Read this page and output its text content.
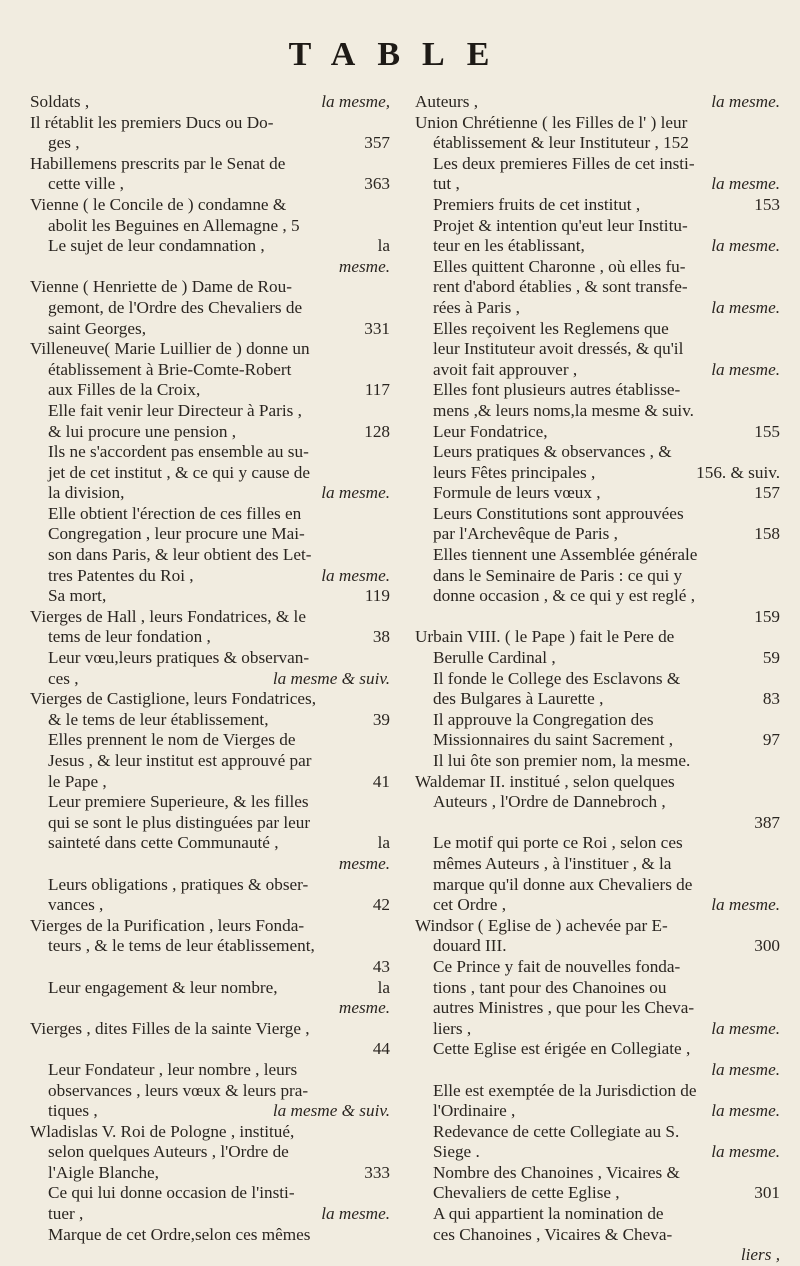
TABLE
la mesme,
Soldats ,
Il rétablit les premiers Ducs ou Do-
357
ges ,
Habillemens prescrits par le Senat de
363
cette ville ,
Vienne ( le Concile de ) condamne &
abolit les Beguines en Allemagne , 5
la
Le sujet de leur condamnation ,
mesme.
Vienne ( Henriette de ) Dame de Rou-
gemont, de l'Ordre des Chevaliers de
331
saint Georges,
Villeneuve( Marie Luillier de ) donne un
établissement à Brie-Comte-Robert
117
aux Filles de la Croix,
Elle fait venir leur Directeur à Paris ,
128
& lui procure une pension ,
Ils ne s'accordent pas ensemble au su-
jet de cet institut , & ce qui y cause de
la mesme.
la division,
Elle obtient l'érection de ces filles en
Congregation , leur procure une Mai-
son dans Paris, & leur obtient des Let-
la mesme.
tres Patentes du Roi ,
119
Sa mort,
Vierges de Hall , leurs Fondatrices, & le
38
tems de leur fondation ,
Leur vœu,leurs pratiques & observan-
la mesme & suiv.
ces ,
Vierges de Castiglione, leurs Fondatrices,
39
& le tems de leur établissement,
Elles prennent le nom de Vierges de
Jesus , & leur institut est approuvé par
41
le Pape ,
Leur premiere Superieure, & les filles
qui se sont le plus distinguées par leur
la
sainteté dans cette Communauté ,
mesme.
Leurs obligations , pratiques & obser-
42
vances ,
Vierges de la Purification , leurs Fonda-
teurs , & le tems de leur établissement,
43
la
Leur engagement & leur nombre,
mesme.
Vierges , dites Filles de la sainte Vierge ,
44
Leur Fondateur , leur nombre , leurs
observances , leurs vœux & leurs pra-
la mesme & suiv.
tiques ,
Wladislas V. Roi de Pologne , institué,
selon quelques Auteurs , l'Ordre de
333
l'Aigle Blanche,
Ce qui lui donne occasion de l'insti-
la mesme.
tuer ,
Marque de cet Ordre,selon ces mêmes
la mesme.
Auteurs ,
Union Chrétienne ( les Filles de l' ) leur
établissement & leur Instituteur , 152
Les deux premieres Filles de cet insti-
la mesme.
tut ,
153
Premiers fruits de cet institut ,
Projet & intention qu'eut leur Institu-
la mesme.
teur en les établissant,
Elles quittent Charonne , où elles fu-
rent d'abord établies , & sont transfe-
la mesme.
rées à Paris ,
Elles reçoivent les Reglemens que
leur Instituteur avoit dressés, & qu'il
la mesme.
avoit fait approuver ,
Elles font plusieurs autres établisse-
mens ,& leurs noms,la mesme & suiv.
155
Leur Fondatrice,
Leurs pratiques & observances , &
156. & suiv.
leurs Fêtes principales ,
157
Formule de leurs vœux ,
Leurs Constitutions sont approuvées
158
par l'Archevêque de Paris ,
Elles tiennent une Assemblée générale
dans le Seminaire de Paris : ce qui y
donne occasion , & ce qui y est reglé ,
159
Urbain VIII. ( le Pape ) fait le Pere de
59
Berulle Cardinal ,
Il fonde le College des Esclavons &
83
des Bulgares à Laurette ,
Il approuve la Congregation des
97
Missionnaires du saint Sacrement ,
Il lui ôte son premier nom, la mesme.
Waldemar II. institué , selon quelques
Auteurs , l'Ordre de Dannebroch ,
387
Le motif qui porte ce Roi , selon ces
mêmes Auteurs , à l'instituer , & la
marque qu'il donne aux Chevaliers de
la mesme.
cet Ordre ,
Windsor ( Eglise de ) achevée par E-
300
douard III.
Ce Prince y fait de nouvelles fonda-
tions , tant pour des Chanoines ou
autres Ministres , que pour les Cheva-
la mesme.
liers ,
Cette Eglise est érigée en Collegiate ,
la mesme.
Elle est exemptée de la Jurisdiction de
la mesme.
l'Ordinaire ,
Redevance de cette Collegiate au S.
la mesme.
Siege .
Nombre des Chanoines , Vicaires &
301
Chevaliers de cette Eglise ,
A qui appartient la nomination de
ces Chanoines , Vicaires & Cheva-
liers ,
